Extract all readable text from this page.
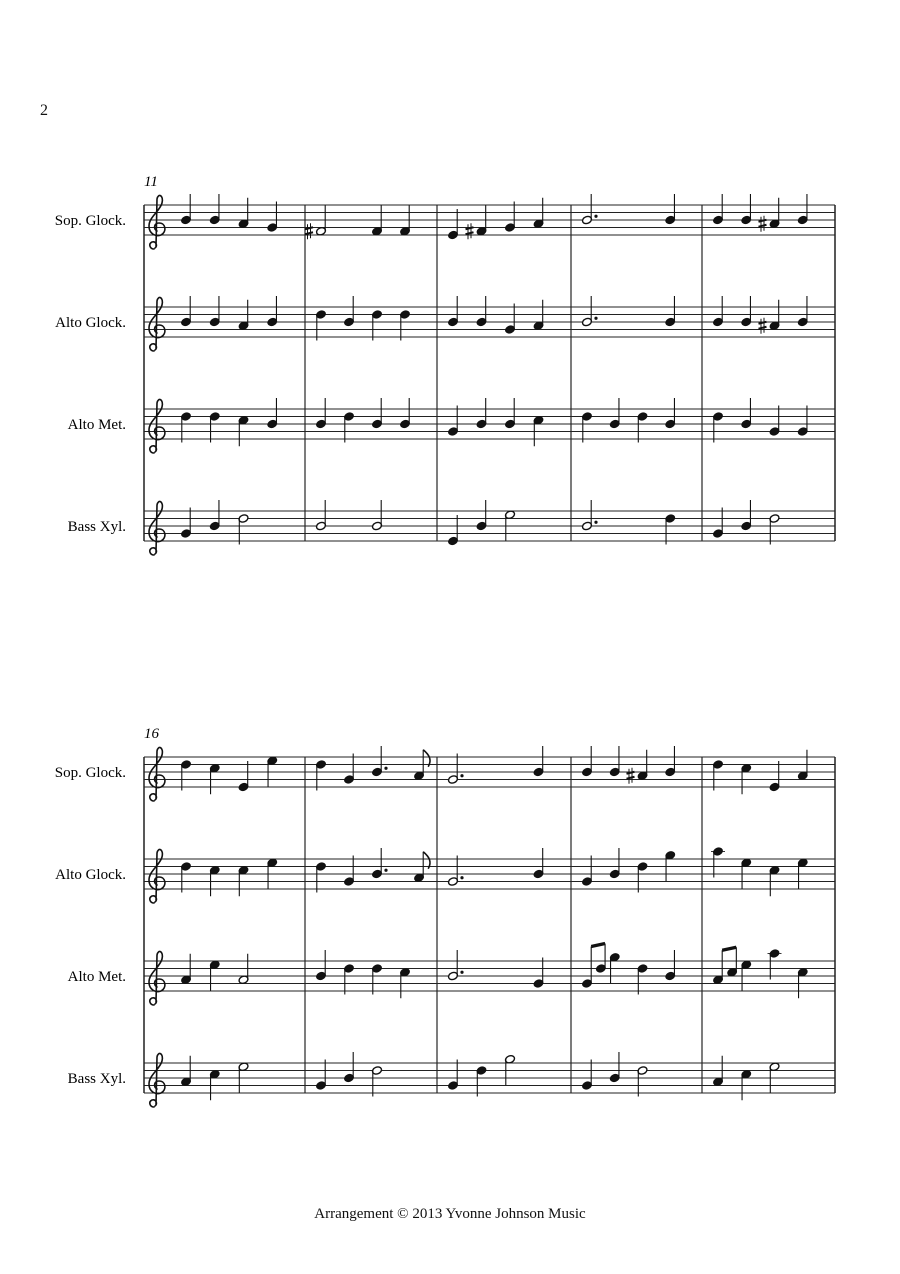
2
11
Sop. Glock.
Alto Glock.
Alto Met.
Bass Xyl.
16
Sop. Glock.
Alto Glock.
Alto Met.
Bass Xyl.
Arrangement © 2013 Yvonne Johnson Music
